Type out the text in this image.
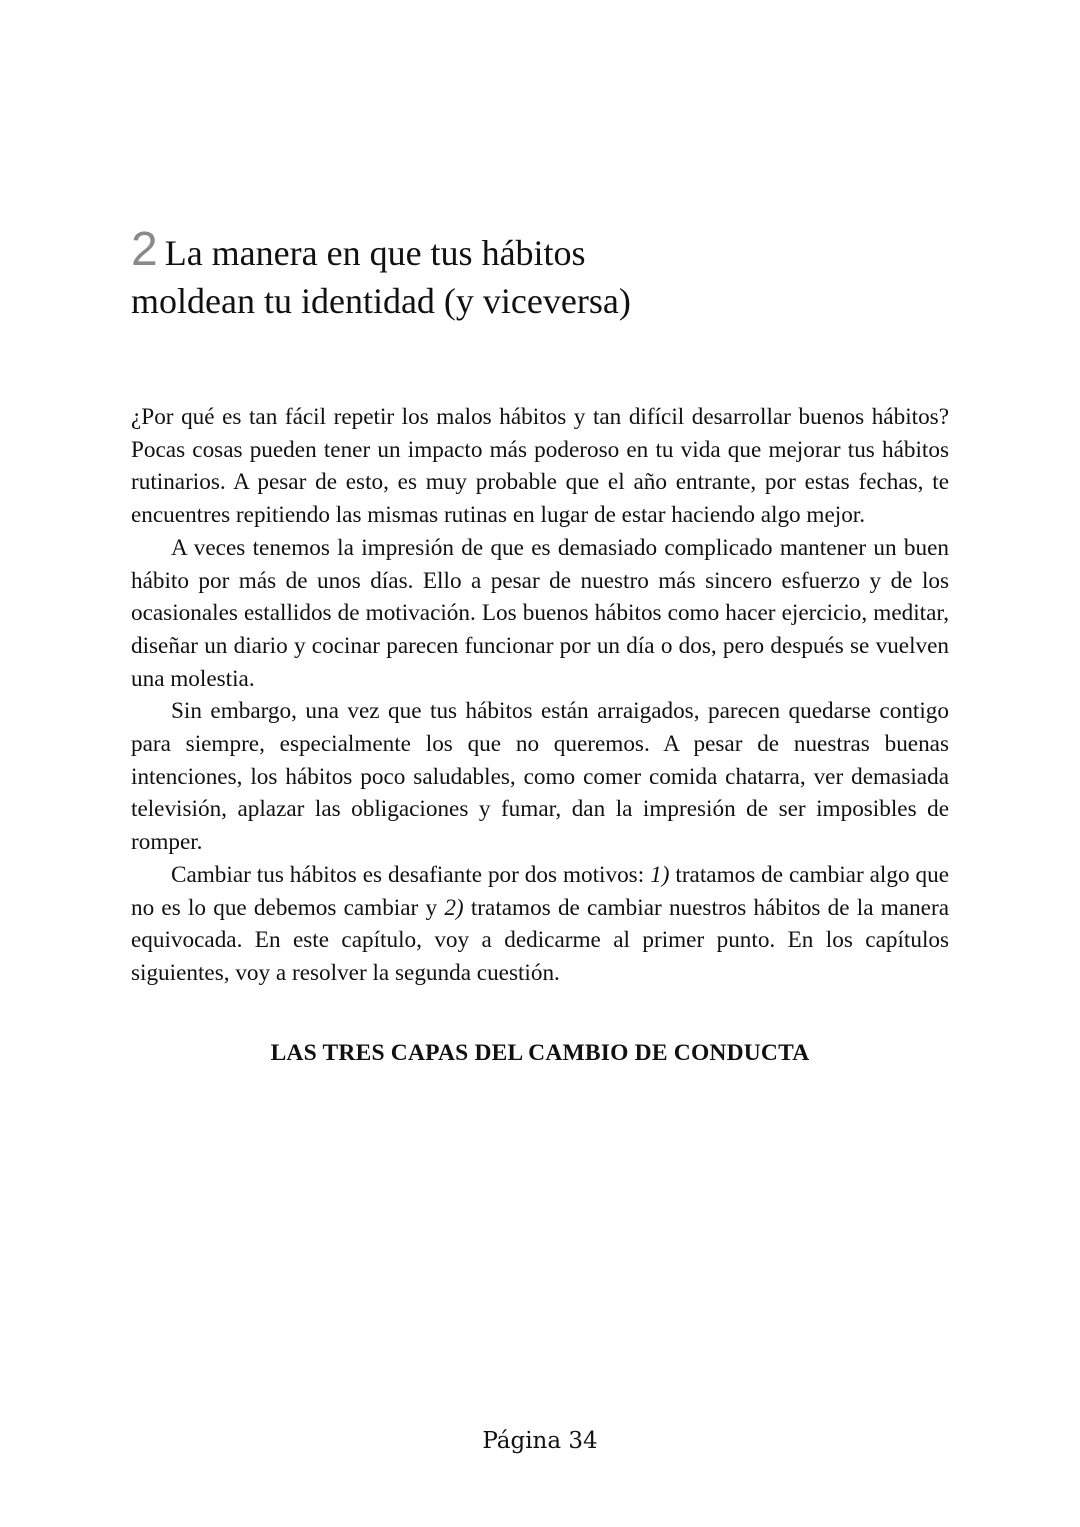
2 La manera en que tus hábitos
moldean tu identidad (y viceversa)

¿Por qué es tan fácil repetir los malos hábitos y tan difícil desarrollar buenos hábitos? Pocas cosas pueden tener un impacto más poderoso en tu vida que mejorar tus hábitos rutinarios. A pesar de esto, es muy probable que el año entrante, por estas fechas, te encuentres repitiendo las mismas rutinas en lugar de estar haciendo algo mejor.

A veces tenemos la impresión de que es demasiado complicado mantener un buen hábito por más de unos días. Ello a pesar de nuestro más sincero esfuerzo y de los ocasionales estallidos de motivación. Los buenos hábitos como hacer ejercicio, meditar, diseñar un diario y cocinar parecen funcionar por un día o dos, pero después se vuelven una molestia.

Sin embargo, una vez que tus hábitos están arraigados, parecen quedarse contigo para siempre, especialmente los que no queremos. A pesar de nuestras buenas intenciones, los hábitos poco saludables, como comer comida chatarra, ver demasiada televisión, aplazar las obligaciones y fumar, dan la impresión de ser imposibles de romper.

Cambiar tus hábitos es desafiante por dos motivos: 1) tratamos de cambiar algo que no es lo que debemos cambiar y 2) tratamos de cambiar nuestros hábitos de la manera equivocada. En este capítulo, voy a dedicarme al primer punto. En los capítulos siguientes, voy a resolver la segunda cuestión.

LAS TRES CAPAS DEL CAMBIO DE CONDUCTA
Página 34
